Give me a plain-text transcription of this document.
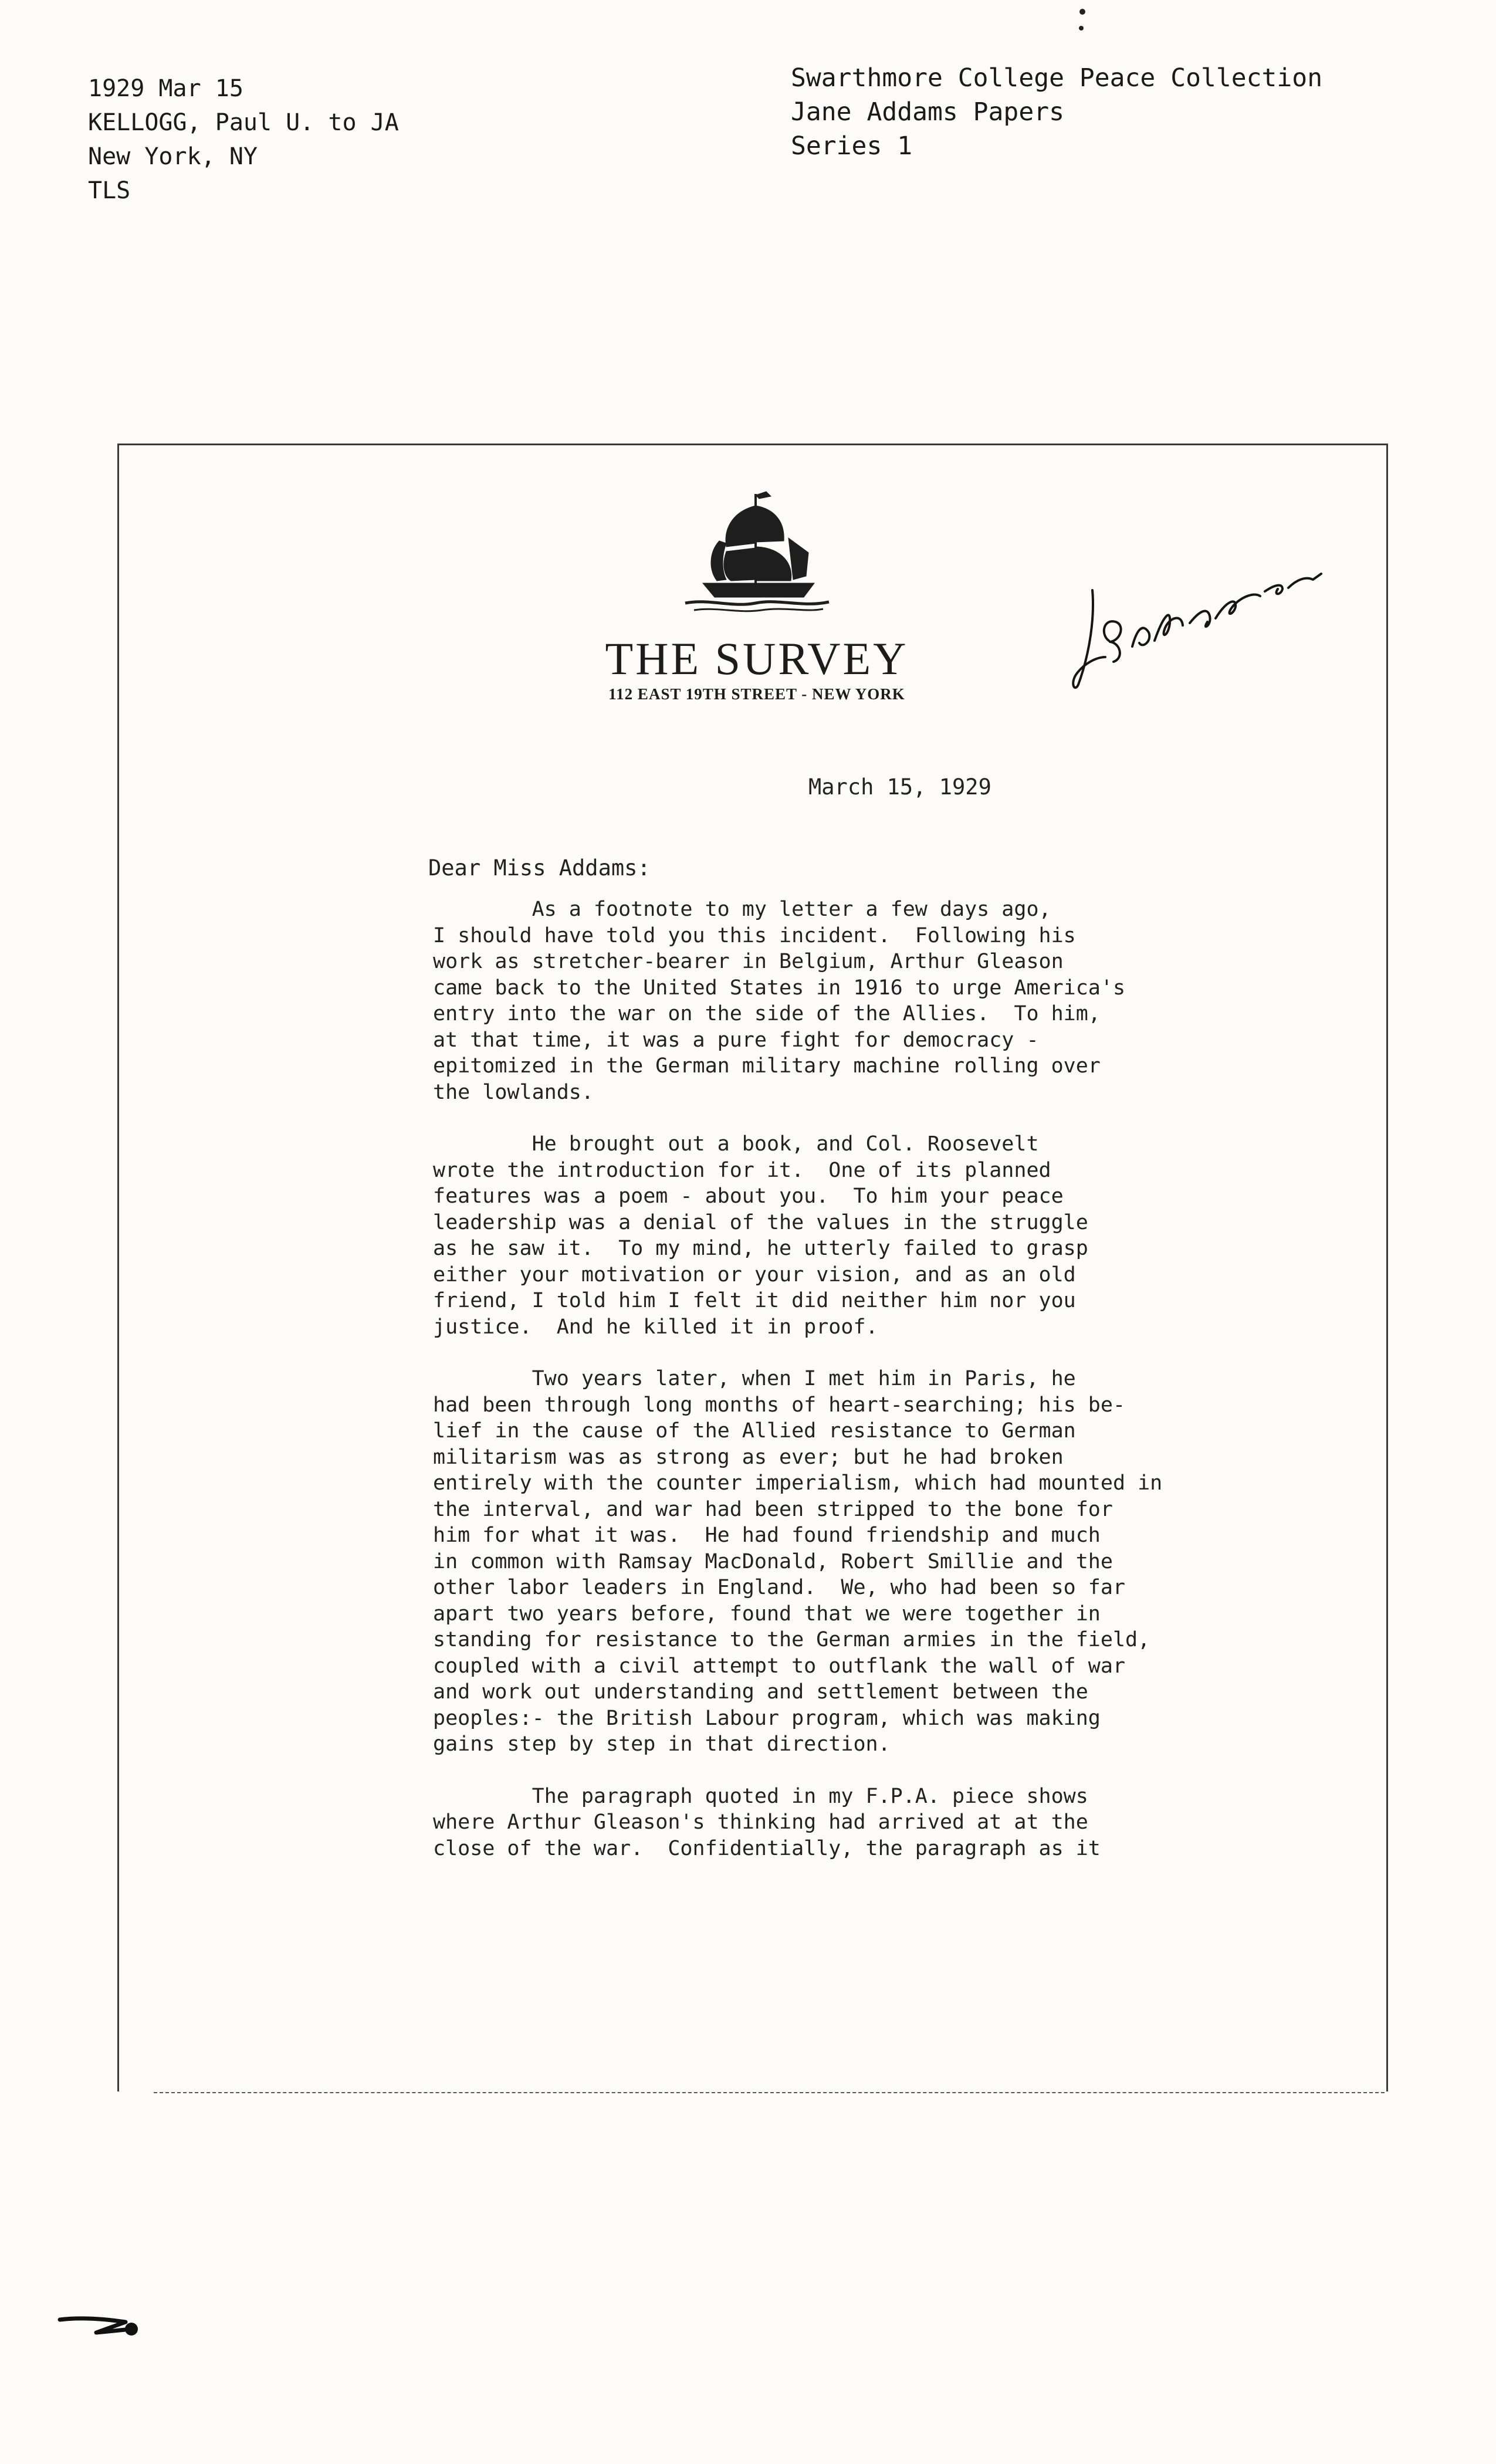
1929 Mar 15
KELLOGG, Paul U. to JA
New York, NY
TLS
Swarthmore College Peace Collection
Jane Addams Papers
Series 1
THE SURVEY
112 EAST 19TH STREET - NEW YORK
March 15, 1929
Dear Miss Addams:

As a footnote to my letter a few days ago,
I should have told you this incident.  Following his
work as stretcher-bearer in Belgium, Arthur Gleason
came back to the United States in 1916 to urge America's
entry into the war on the side of the Allies.  To him,
at that time, it was a pure fight for democracy -
epitomized in the German military machine rolling over
the lowlands.

He brought out a book, and Col. Roosevelt
wrote the introduction for it.  One of its planned
features was a poem - about you.  To him your peace
leadership was a denial of the values in the struggle
as he saw it.  To my mind, he utterly failed to grasp
either your motivation or your vision, and as an old
friend, I told him I felt it did neither him nor you
justice.  And he killed it in proof.

Two years later, when I met him in Paris, he
had been through long months of heart-searching; his be-
lief in the cause of the Allied resistance to German
militarism was as strong as ever; but he had broken
entirely with the counter imperialism, which had mounted in
the interval, and war had been stripped to the bone for
him for what it was.  He had found friendship and much
in common with Ramsay MacDonald, Robert Smillie and the
other labor leaders in England.  We, who had been so far
apart two years before, found that we were together in
standing for resistance to the German armies in the field,
coupled with a civil attempt to outflank the wall of war
and work out understanding and settlement between the
peoples:- the British Labour program, which was making
gains step by step in that direction.

The paragraph quoted in my F.P.A. piece shows
where Arthur Gleason's thinking had arrived at at the
close of the war.  Confidentially, the paragraph as it
